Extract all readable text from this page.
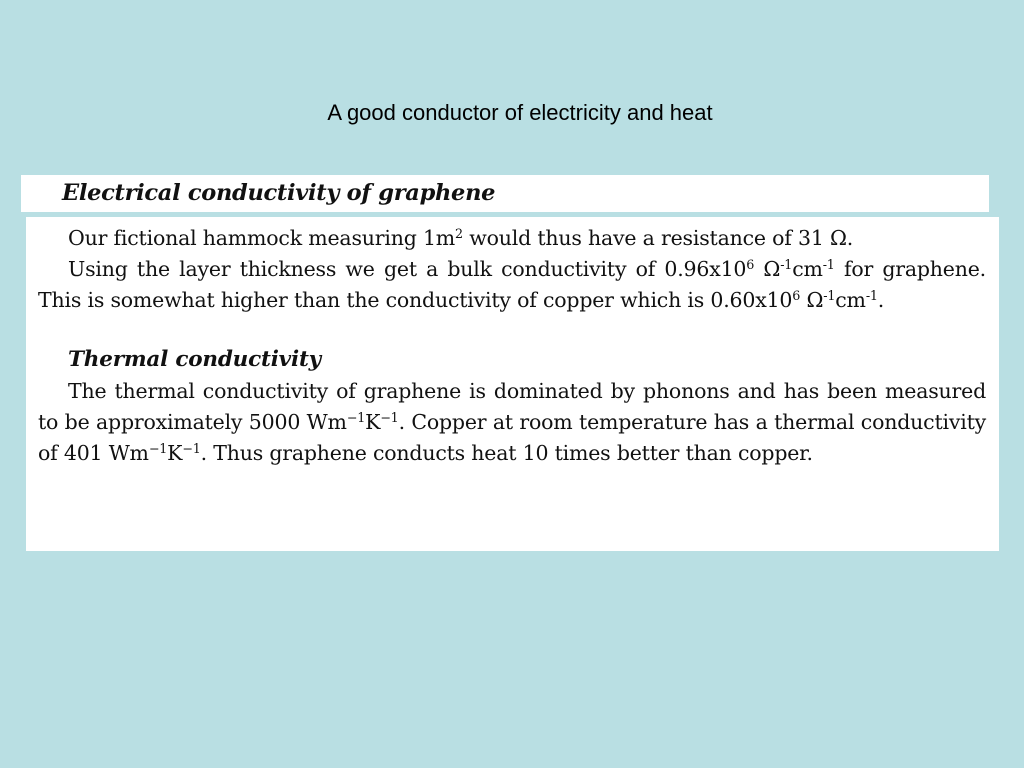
A good conductor of electricity and heat
Electrical conductivity of graphene

Our fictional hammock measuring $1m^2$ would thus have a resistance of 31 Ω.

Using the layer thickness we get a bulk conductivity of $0.96x10^6$ $\Omega^{-1}cm^{-1}$ for graphene. This is somewhat higher than the conductivity of copper which is $0.60x10^6$ $\Omega^{-1}cm^{-1}$.

Thermal conductivity

The thermal conductivity of graphene is dominated by phonons and has been measured to be approximately 5000 $Wm^{-1}K^{-1}$. Copper at room temperature has a thermal conductivity of 401 $Wm^{-1}K^{-1}$. Thus graphene conducts heat 10 times better than copper.
